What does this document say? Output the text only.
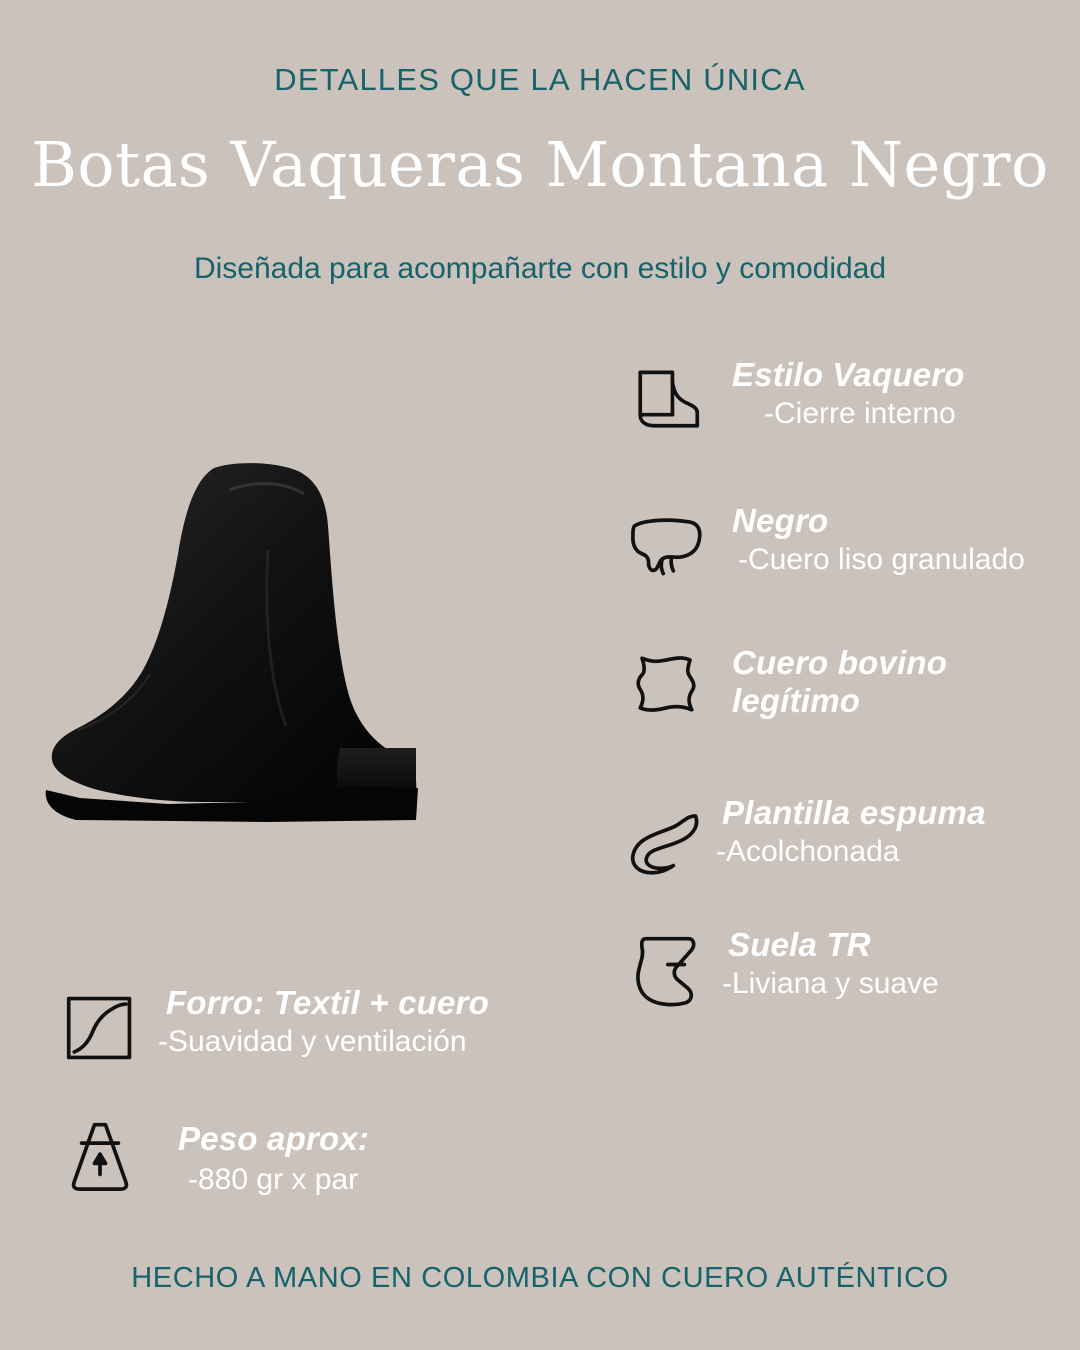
DETALLES QUE LA HACEN ÚNICA
Botas Vaqueras Montana Negro
Diseñada para acompañarte con estilo y comodidad
Estilo Vaquero
-Cierre interno
Negro
-Cuero liso granulado
Cuero bovino legítimo
Plantilla espuma
-Acolchonada
Suela TR
-Liviana y suave
Forro: Textil + cuero
-Suavidad y ventilación
Peso aprox:
-880 gr x par
HECHO A MANO EN COLOMBIA CON CUERO AUTÉNTICO
